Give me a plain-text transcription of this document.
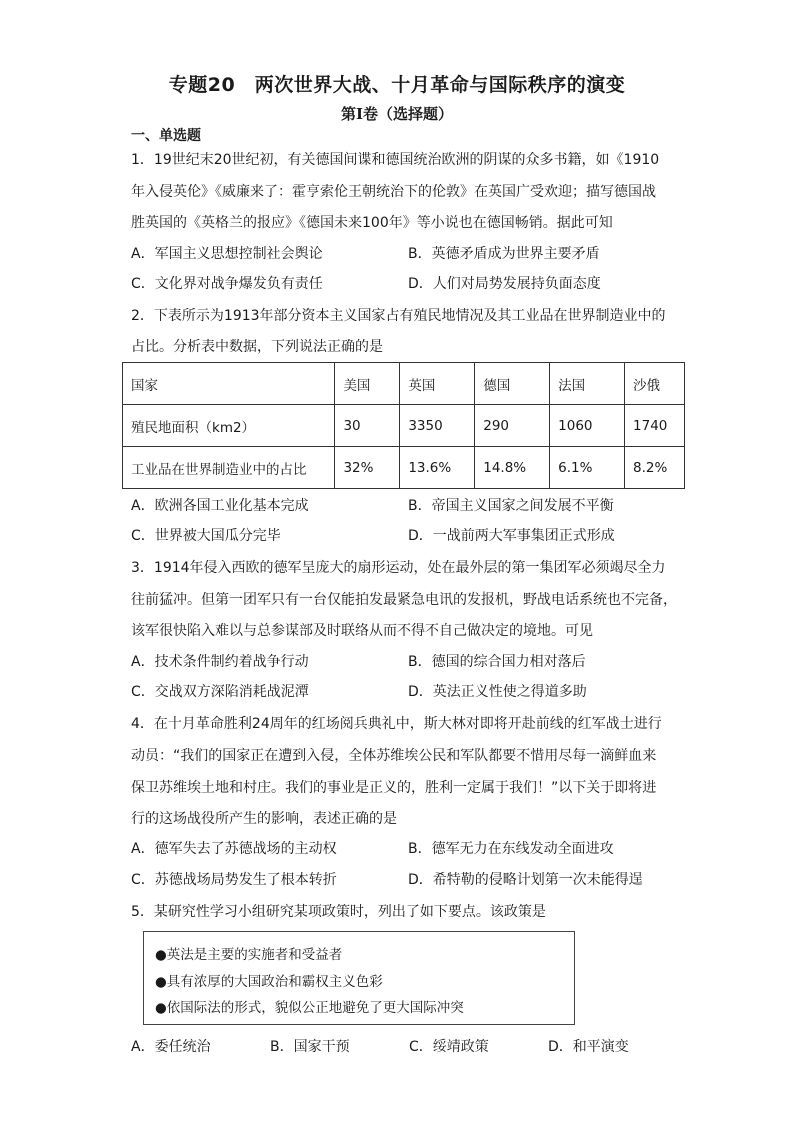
专题20　两次世界大战、十月革命与国际秩序的演变
第Ⅰ卷（选择题）
一、单选题
1．19世纪末20世纪初，有关德国间谍和德国统治欧洲的阴谋的众多书籍，如《1910
年入侵英伦》《威廉来了：霍亨索伦王朝统治下的伦敦》在英国广受欢迎；描写德国战
胜英国的《英格兰的报应》《德国未来100年》等小说也在德国畅销。据此可知
A．军国主义思想控制社会舆论	B．英德矛盾成为世界主要矛盾
C．文化界对战争爆发负有责任	D．人们对局势发展持负面态度
2．下表所示为1913年部分资本主义国家占有殖民地情况及其工业品在世界制造业中的
占比。分析表中数据，下列说法正确的是
国家	美国	英国	德国	法国	沙俄
殖民地面积（km2）	30	3350	290	1060	1740
工业品在世界制造业中的占比	32%	13.6%	14.8%	6.1%	8.2%
A．欧洲各国工业化基本完成	B．帝国主义国家之间发展不平衡
C．世界被大国瓜分完毕	D．一战前两大军事集团正式形成
3．1914年侵入西欧的德军呈庞大的扇形运动，处在最外层的第一集团军必须竭尽全力
往前猛冲。但第一团军只有一台仅能拍发最紧急电讯的发报机，野战电话系统也不完备，
该军很快陷入难以与总参谋部及时联络从而不得不自己做决定的境地。可见
A．技术条件制约着战争行动	B．德国的综合国力相对落后
C．交战双方深陷消耗战泥潭	D．英法正义性使之得道多助
4．在十月革命胜利24周年的红场阅兵典礼中，斯大林对即将开赴前线的红军战士进行
动员：“我们的国家正在遭到入侵，全体苏维埃公民和军队都要不惜用尽每一滴鲜血来
保卫苏维埃土地和村庄。我们的事业是正义的，胜利一定属于我们！”以下关于即将进
行的这场战役所产生的影响，表述正确的是
A．德军失去了苏德战场的主动权	B．德军无力在东线发动全面进攻
C．苏德战场局势发生了根本转折	D．希特勒的侵略计划第一次未能得逞
5．某研究性学习小组研究某项政策时，列出了如下要点。该政策是
●英法是主要的实施者和受益者
●具有浓厚的大国政治和霸权主义色彩
●依国际法的形式，貌似公正地避免了更大国际冲突
A．委任统治	B．国家干预	C．绥靖政策	D．和平演变
